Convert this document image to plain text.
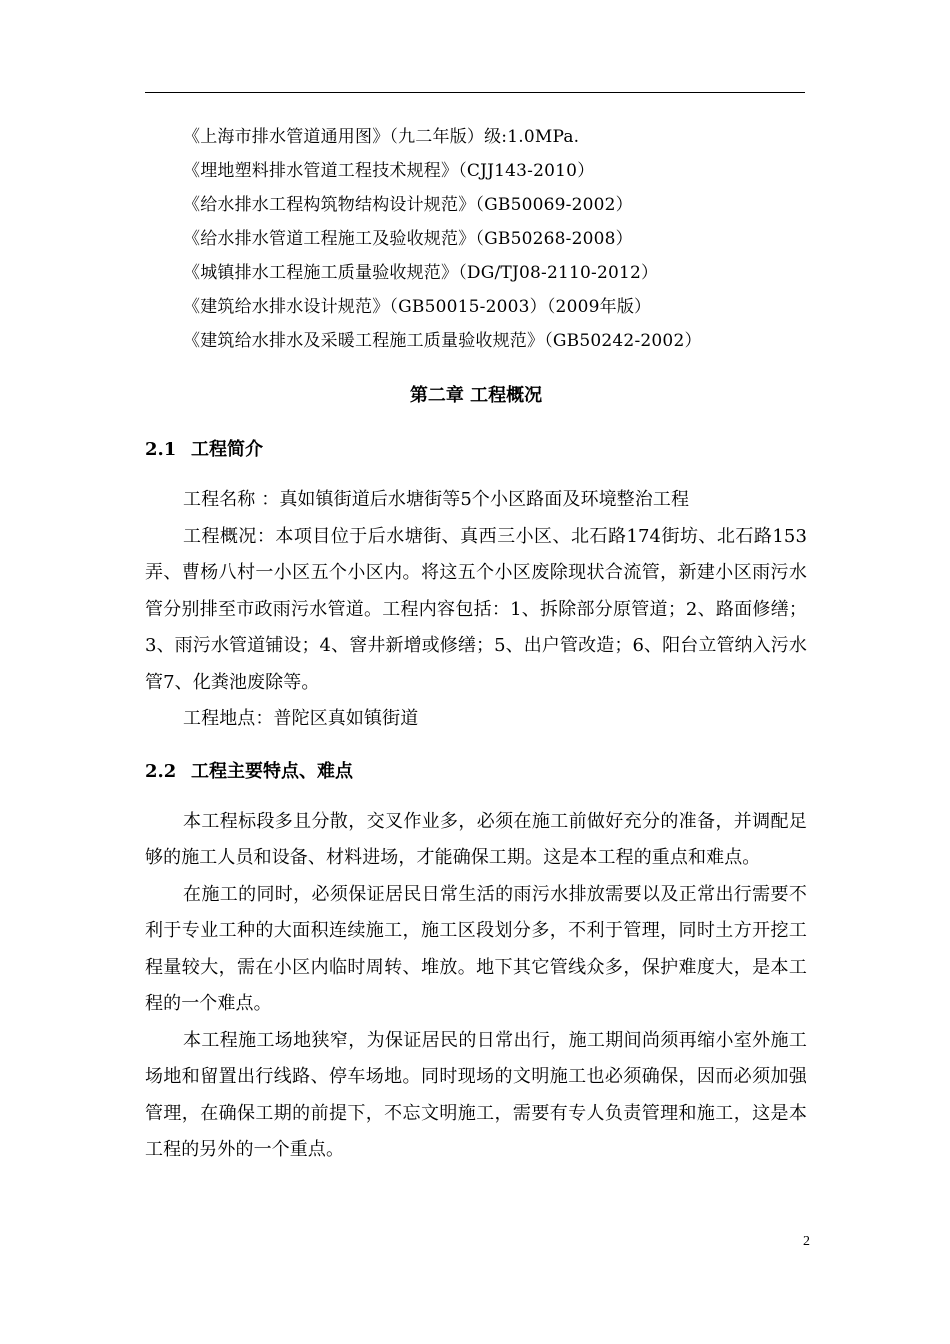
《上海市排水管道通用图》（九二年版）级:1.0MPa.
《埋地塑料排水管道工程技术规程》（CJJ143-2010）
《给水排水工程构筑物结构设计规范》（GB50069-2002）
《给水排水管道工程施工及验收规范》（GB50268-2008）
《城镇排水工程施工质量验收规范》（DG/TJ08-2110-2012）
《建筑给水排水设计规范》（GB50015-2003）（2009年版）
《建筑给水排水及采暖工程施工质量验收规范》（GB50242-2002）
第二章 工程概况
2.1 工程简介

工程名称 ：真如镇街道后水塘街等5个小区路面及环境整治工程

工程概况：本项目位于后水塘街、真西三小区、北石路174街坊、北石路153弄、曹杨八村一小区五个小区内。将这五个小区废除现状合流管，新建小区雨污水管分别排至市政雨污水管道。工程内容包括：1、拆除部分原管道；2、路面修缮；3、雨污水管道铺设；4、窨井新增或修缮；5、出户管改造；6、阳台立管纳入污水管7、化粪池废除等。

工程地点：普陀区真如镇街道

2.2 工程主要特点、难点

本工程标段多且分散，交叉作业多，必须在施工前做好充分的准备，并调配足够的施工人员和设备、材料进场，才能确保工期。这是本工程的重点和难点。

在施工的同时，必须保证居民日常生活的雨污水排放需要以及正常出行需要不利于专业工种的大面积连续施工，施工区段划分多，不利于管理，同时土方开挖工程量较大，需在小区内临时周转、堆放。地下其它管线众多，保护难度大，是本工程的一个难点。

本工程施工场地狭窄，为保证居民的日常出行，施工期间尚须再缩小室外施工场地和留置出行线路、停车场地。同时现场的文明施工也必须确保，因而必须加强管理，在确保工期的前提下，不忘文明施工，需要有专人负责管理和施工，这是本工程的另外的一个重点。

2
